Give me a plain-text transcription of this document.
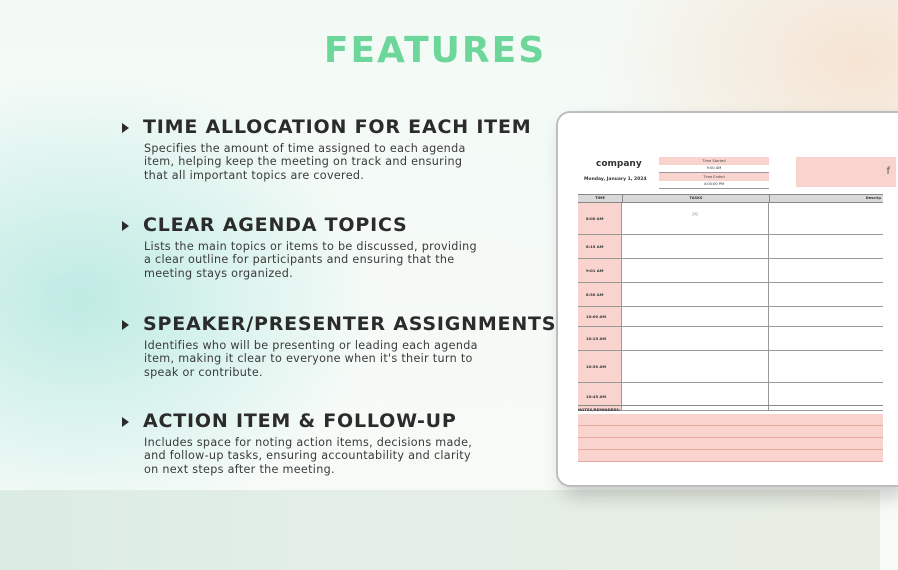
FEATURES
TIME ALLOCATION FOR EACH ITEM
Specifies the amount of time assigned to each agenda item, helping keep the meeting on track and ensuring that all important topics are covered.
CLEAR AGENDA TOPICS
Lists the main topics or items to be discussed, providing a clear outline for participants and ensuring that the meeting stays organized.
SPEAKER/PRESENTER ASSIGNMENTS
Identifies who will be presenting or leading each agenda item, making it clear to everyone when it's their turn to speak or contribute.
ACTION ITEM & FOLLOW-UP
Includes space for noting action items, decisions made, and follow-up tasks, ensuring accountability and clarity on next steps after the meeting.
company
Monday, January 1, 2024
Time Started
9:00 AM
Time Ended
4:00:00 PM
f
TIME	TASKS	Descrip
8:00 AM
[1]
8:15 AM
9:01 AM
8:30 AM
10:00 AM
10:15 AM
10:30 AM
10:45 AM
NOTES/REMINDERS:
